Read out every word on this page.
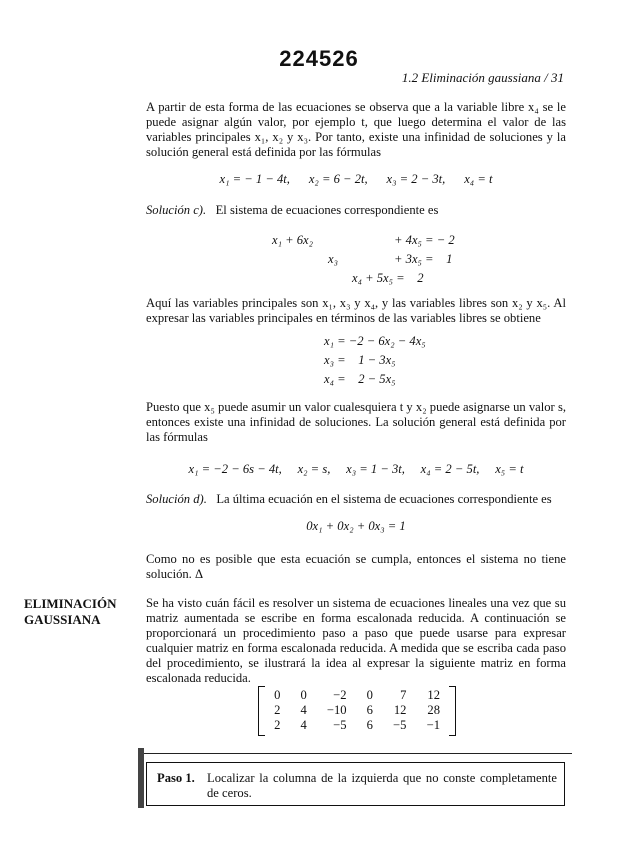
224526
1.2 Eliminación gaussiana / 31
A partir de esta forma de las ecuaciones se observa que a la variable libre x₄ se le puede asignar algún valor, por ejemplo t, que luego determina el valor de las variables principales x₁, x₂ y x₃. Por tanto, existe una infinidad de soluciones y la solución general está definida por las fórmulas
x₁ = − 1 − 4t,      x₂ = 6 − 2t,      x₃ = 2 − 3t,      x₄ = t
Solución c). El sistema de ecuaciones correspondiente es
x₁ + 6x₂	+ 4x₅ = − 2
x₃	+ 3x₅ =    1
x₄ + 5x₅ =    2
Aquí las variables principales son x₁, x₃ y x₄, y las variables libres son x₂ y x₅. Al expresar las variables principales en términos de las variables libres se obtiene
x₁ = −2 − 6x₂ − 4x₅
x₃ =    1 − 3x₅
x₄ =    2 − 5x₅
Puesto que x₅ puede asumir un valor cualesquiera t y x₂ puede asignarse un valor s, entonces existe una infinidad de soluciones. La solución general está definida por las fórmulas
x₁ = −2 − 6s − 4t,     x₂ = s,     x₃ = 1 − 3t,     x₄ = 2 − 5t,     x₅ = t
Solución d). La última ecuación en el sistema de ecuaciones correspondiente es
0x₁ + 0x₂ + 0x₃ = 1
Como no es posible que esta ecuación se cumpla, entonces el sistema no tiene solución. Δ
ELIMINACIÓN GAUSSIANA
Se ha visto cuán fácil es resolver un sistema de ecuaciones lineales una vez que su matriz aumentada se escribe en forma escalonada reducida. A continuación se proporcionará un procedimiento paso a paso que puede usarse para expresar cualquier matriz en forma escalonada reducida. A medida que se escriba cada paso del procedimiento, se ilustrará la idea al expresar la siguiente matriz en forma escalonada reducida.
0	0	−2	0	7	12
2	4	−10	6	12	28
2	4	−5	6	−5	−1
Paso 1. Localizar la columna de la izquierda que no conste completamente de ceros.
